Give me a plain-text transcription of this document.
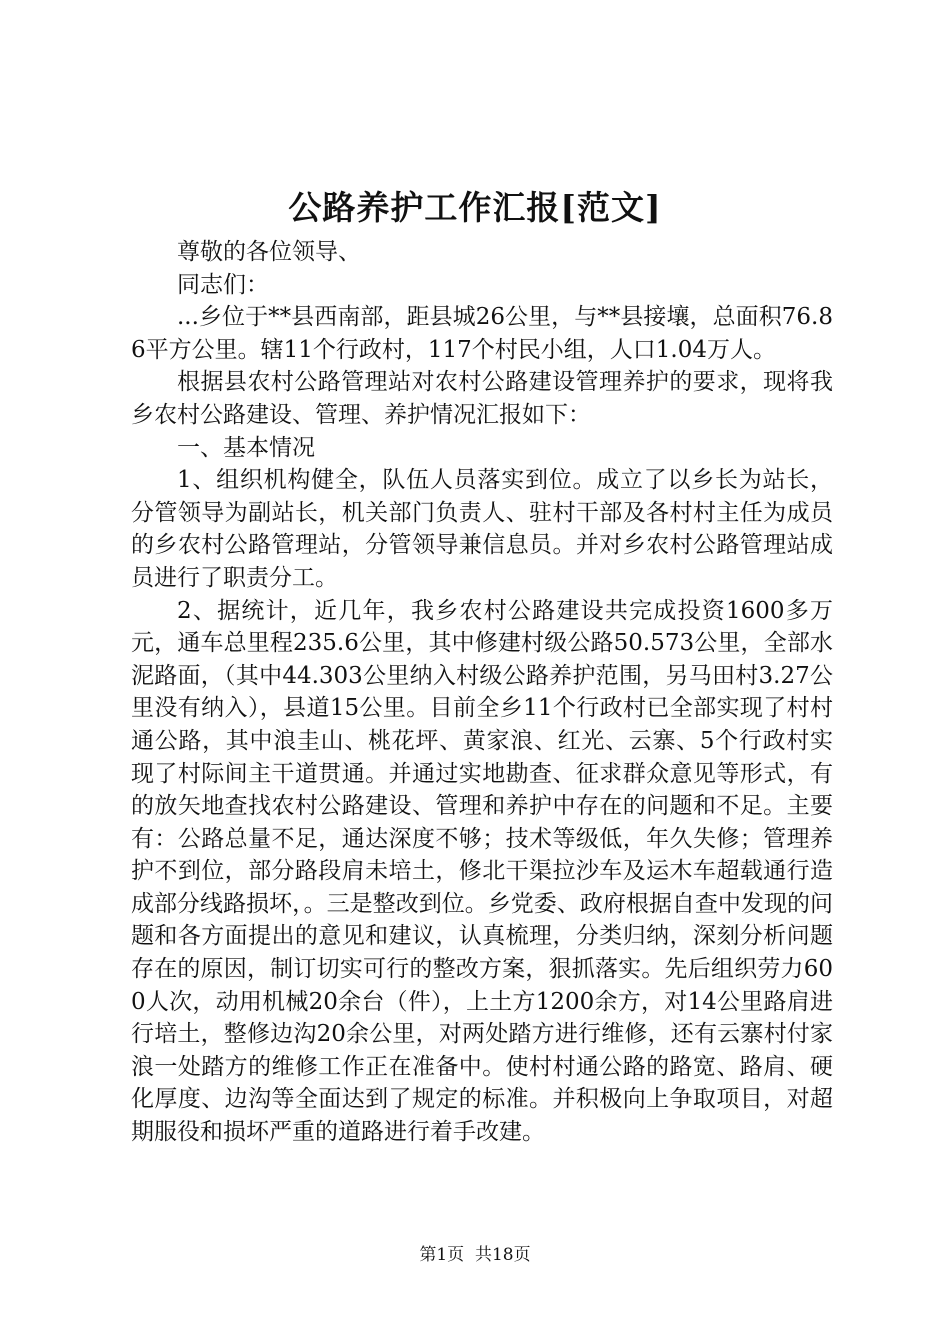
公路养护工作汇报[范文]

尊敬的各位领导、

同志们：

...乡位于**县西南部，距县城26公里，与**县接壤，总面积76.86平方公里。辖11个行政村，117个村民小组，人口1.04万人。

根据县农村公路管理站对农村公路建设管理养护的要求，现将我乡农村公路建设、管理、养护情况汇报如下：

一、基本情况

1、组织机构健全，队伍人员落实到位。成立了以乡长为站长，分管领导为副站长，机关部门负责人、驻村干部及各村村主任为成员的乡农村公路管理站，分管领导兼信息员。并对乡农村公路管理站成员进行了职责分工。

2、据统计，近几年，我乡农村公路建设共完成投资1600多万元，通车总里程235.6公里，其中修建村级公路50.573公里，全部水泥路面，（其中44.303公里纳入村级公路养护范围，另马田村3.27公里没有纳入），县道15公里。目前全乡11个行政村已全部实现了村村通公路，其中浪圭山、桃花坪、黄家浪、红光、云寨、5个行政村实现了村际间主干道贯通。并通过实地勘查、征求群众意见等形式，有的放矢地查找农村公路建设、管理和养护中存在的问题和不足。主要有：公路总量不足，通达深度不够；技术等级低，年久失修；管理养护不到位，部分路段肩未培土，修北干渠拉沙车及运木车超载通行造成部分线路损坏，。三是整改到位。乡党委、政府根据自查中发现的问题和各方面提出的意见和建议，认真梳理，分类归纳，深刻分析问题存在的原因，制订切实可行的整改方案，狠抓落实。先后组织劳力600人次，动用机械20余台（件），上土方1200余方，对14公里路肩进行培土，整修边沟20余公里，对两处踏方进行维修，还有云寨村付家浪一处踏方的维修工作正在准备中。使村村通公路的路宽、路肩、硬化厚度、边沟等全面达到了规定的标准。并积极向上争取项目，对超期服役和损坏严重的道路进行着手改建。

第1页  共18页
